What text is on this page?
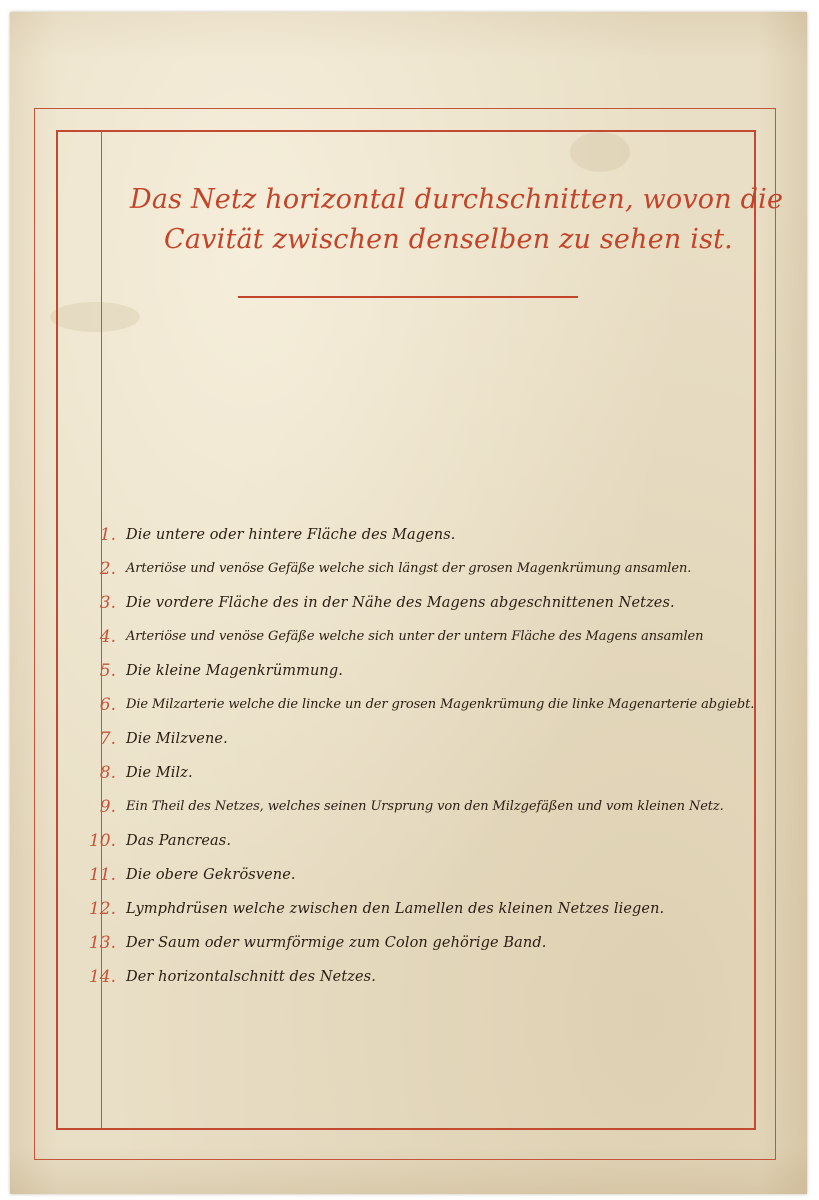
Das Netz horizontal durchschnitten, wovon die
Cavität zwischen denselben zu sehen ist.
1. Die untere oder hintere Fläche des Magens.
2. Arteriöse und venöse Gefäße welche sich längst der grosen Magenkrümung ansamlen.
3. Die vordere Fläche des in der Nähe des Magens abgeschnittenen Netzes.
4. Arteriöse und venöse Gefäße welche sich unter der untern Fläche des Magens ansamlen
5. Die kleine Magenkrümmung.
6. Die Milzarterie welche die lincke un der grosen Magenkrümung die linke Magenarterie abgiebt.
7. Die Milzvene.
8. Die Milz.
9. Ein Theil des Netzes, welches seinen Ursprung von den Milzgefäßen und vom kleinen Netz.
10. Das Pancreas.
11. Die obere Gekrösvene.
12. Lymphdrüsen welche zwischen den Lamellen des kleinen Netzes liegen.
13. Der Saum oder wurmförmige zum Colon gehörige Band.
14. Der horizontalschnitt des Netzes.
